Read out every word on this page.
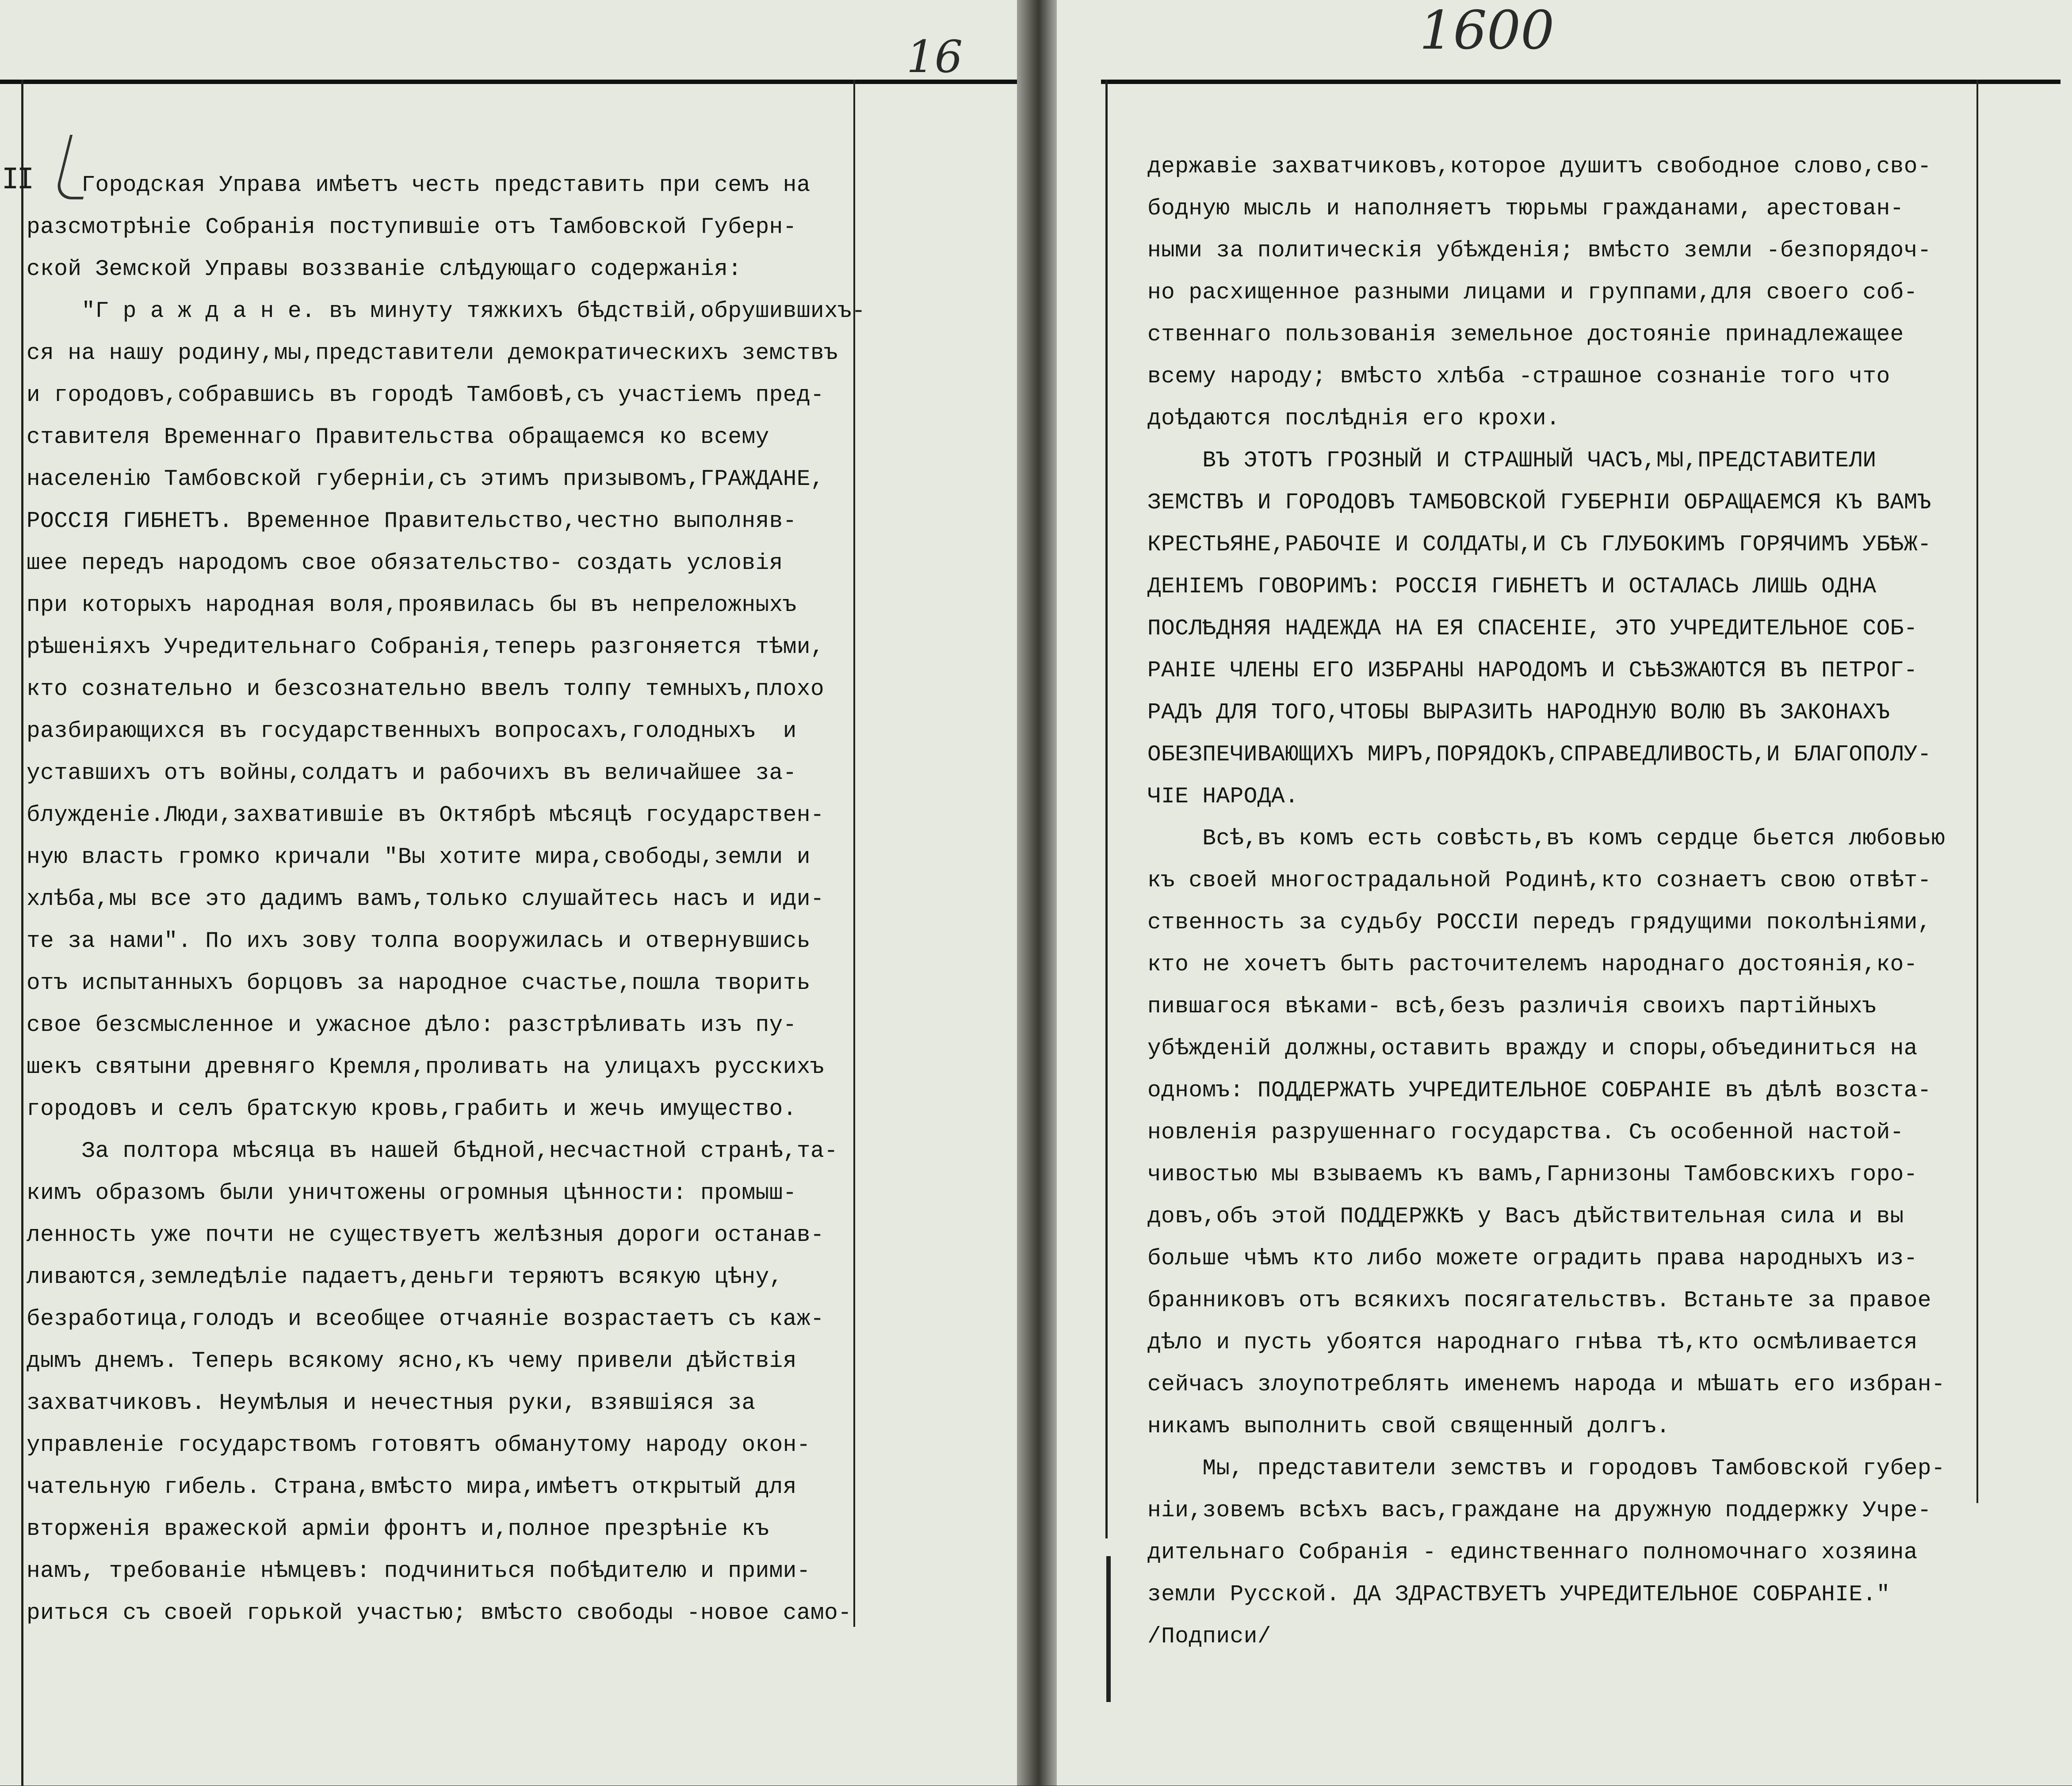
16
II
Городская Управа имѣетъ честь представить при семъ на
разсмотрѣніе Собранія поступившіе отъ Тамбовской Губерн-
ской Земской Управы воззваніе слѣдующаго содержанія:
"Г р а ж д а н е. въ минуту тяжкихъ бѣдствій,обрушившихъ-
ся на нашу родину,мы,представители демократическихъ земствъ
и городовъ,собравшись въ городѣ Тамбовѣ,съ участіемъ пред-
ставителя Временнаго Правительства обращаемся ко всему
населенію Тамбовской губерніи,съ этимъ призывомъ,ГРАЖДАНЕ,
РОССІЯ ГИБНЕТЪ. Временное Правительство,честно выполняв-
шее передъ народомъ свое обязательство- создать условія
при которыхъ народная воля,проявилась бы въ непреложныхъ
рѣшеніяхъ Учредительнаго Собранія,теперь разгоняется тѣми,
кто сознательно и безсознательно ввелъ толпу темныхъ,плохо
разбирающихся въ государственныхъ вопросахъ,голодныхъ  и
уставшихъ отъ войны,солдатъ и рабочихъ въ величайшее за-
блужденіе.Люди,захватившіе въ Октябрѣ мѣсяцѣ государствен-
ную власть громко кричали "Вы хотите мира,свободы,земли и
хлѣба,мы все это дадимъ вамъ,только слушайтесь насъ и иди-
те за нами". По ихъ зову толпа вооружилась и отвернувшись
отъ испытанныхъ борцовъ за народное счастье,пошла творить
свое безсмысленное и ужасное дѣло: разстрѣливать изъ пу-
шекъ святыни древняго Кремля,проливать на улицахъ русскихъ
городовъ и селъ братскую кровь,грабить и жечь имущество.
За полтора мѣсяца въ нашей бѣдной,несчастной странѣ,та-
кимъ образомъ были уничтожены огромныя цѣнности: промыш-
ленность уже почти не существуетъ желѣзныя дороги останав-
ливаются,земледѣліе падаетъ,деньги теряютъ всякую цѣну,
безработица,голодъ и всеобщее отчаяніе возрастаетъ съ каж-
дымъ днемъ. Теперь всякому ясно,къ чему привели дѣйствія
захватчиковъ. Неумѣлыя и нечестныя руки, взявшіяся за
управленіе государствомъ готовятъ обманутому народу окон-
чательную гибель. Страна,вмѣсто мира,имѣетъ открытый для
вторженія вражеской арміи фронтъ и,полное презрѣніе къ
намъ, требованіе нѣмцевъ: подчиниться побѣдителю и прими-
риться съ своей горькой участью; вмѣсто свободы -новое само-
1600
державіе захватчиковъ,которое душитъ свободное слово,сво-
бодную мысль и наполняетъ тюрьмы гражданами, арестован-
ными за политическія убѣжденія; вмѣсто земли -безпорядоч-
но расхищенное разными лицами и группами,для своего соб-
ственнаго пользованія земельное достояніе принадлежащее
всему народу; вмѣсто хлѣба -страшное сознаніе того что
доѣдаются послѣднія его крохи.
ВЪ ЭТОТЪ ГРОЗНЫЙ И СТРАШНЫЙ ЧАСЪ,МЫ,ПРЕДСТАВИТЕЛИ
ЗЕМСТВЪ И ГОРОДОВЪ ТАМБОВСКОЙ ГУБЕРНІИ ОБРАЩАЕМСЯ КЪ ВАМЪ
КРЕСТЬЯНЕ,РАБОЧІЕ И СОЛДАТЫ,И СЪ ГЛУБОКИМЪ ГОРЯЧИМЪ УБѢЖ-
ДЕНІЕМЪ ГОВОРИМЪ: РОССІЯ ГИБНЕТЪ И ОСТАЛАСЬ ЛИШЬ ОДНА
ПОСЛѢДНЯЯ НАДЕЖДА НА ЕЯ СПАСЕНІЕ, ЭТО УЧРЕДИТЕЛЬНОЕ СОБ-
РАНІЕ ЧЛЕНЫ ЕГО ИЗБРАНЫ НАРОДОМЪ И СЪѢЗЖАЮТСЯ ВЪ ПЕТРОГ-
РАДЪ ДЛЯ ТОГО,ЧТОБЫ ВЫРАЗИТЬ НАРОДНУЮ ВОЛЮ ВЪ ЗАКОНАХЪ
ОБЕЗПЕЧИВАЮЩИХЪ МИРЪ,ПОРЯДОКЪ,СПРАВЕДЛИВОСТЬ,И БЛАГОПОЛУ-
ЧІЕ НАРОДА.
Всѣ,въ комъ есть совѣсть,въ комъ сердце бьется любовью
къ своей многострадальной Родинѣ,кто сознаетъ свою отвѣт-
ственность за судьбу РОССІИ передъ грядущими поколѣніями,
кто не хочетъ быть расточителемъ народнаго достоянія,ко-
пившагося вѣками- всѣ,безъ различія своихъ партійныхъ
убѣжденій должны,оставить вражду и споры,объединиться на
одномъ: ПОДДЕРЖАТЬ УЧРЕДИТЕЛЬНОЕ СОБРАНІЕ въ дѣлѣ возста-
новленія разрушеннаго государства. Съ особенной настой-
чивостью мы взываемъ къ вамъ,Гарнизоны Тамбовскихъ горо-
довъ,объ этой ПОДДЕРЖКѢ у Васъ дѣйствительная сила и вы
больше чѣмъ кто либо можете оградить права народныхъ из-
бранниковъ отъ всякихъ посягательствъ. Встаньте за правое
дѣло и пусть убоятся народнаго гнѣва тѣ,кто осмѣливается
сейчасъ злоупотреблять именемъ народа и мѣшать его избран-
никамъ выполнить свой священный долгъ.
Мы, представители земствъ и городовъ Тамбовской губер-
ніи,зовемъ всѣхъ васъ,граждане на дружную поддержку Учре-
дительнаго Собранія - единственнаго полномочнаго хозяина
земли Русской. ДА ЗДРАСТВУЕТЪ УЧРЕДИТЕЛЬНОЕ СОБРАНІЕ."
/Подписи/
